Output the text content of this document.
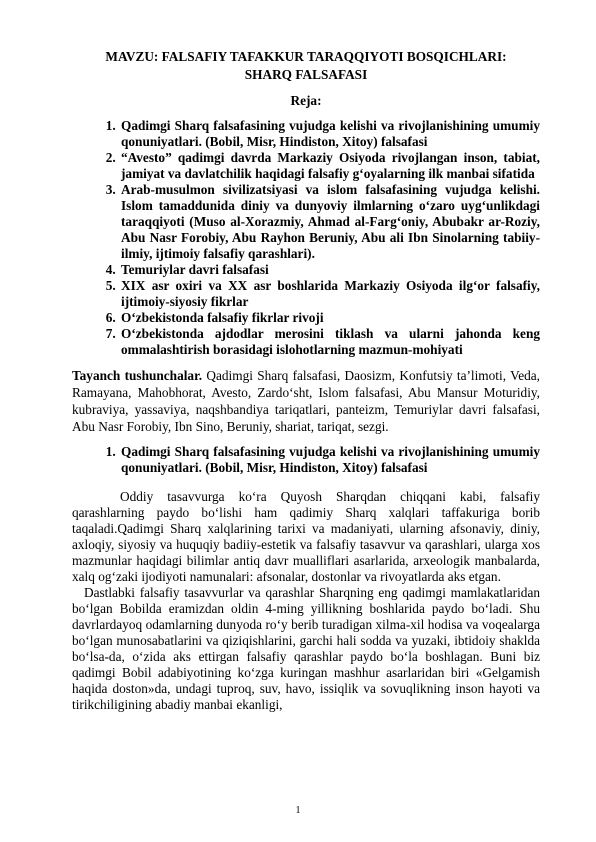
MAVZU: FALSAFIY TAFAKKUR TARAQQIYOTI BOSQICHLARI:
SHARQ FALSAFASI
Reja:
1. Qadimgi Sharq falsafasining vujudga kelishi va rivojlanishining umumiy qonuniyatlari. (Bobil, Misr, Hindiston, Xitoy) falsafasi
2. “Avesto” qadimgi davrda Markaziy Osiyoda rivojlangan inson, tabiat, jamiyat va davlatchilik haqidagi falsafiy g‘oyalarning ilk manbai sifatida
3. Arab-musulmon sivilizatsiyasi va islom falsafasining vujudga kelishi. Islom tamaddunida diniy va dunyoviy ilmlarning o‘zaro uyg‘unlikdagi taraqqiyoti (Muso al-Xorazmiy, Ahmad al-Farg‘oniy, Abubakr ar-Roziy, Abu Nasr Forobiy, Abu Rayhon Beruniy, Abu ali Ibn Sinolarning tabiiy-ilmiy, ijtimoiy falsafiy qarashlari).
4. Temuriylar davri falsafasi
5. XIX asr oxiri va XX asr boshlarida Markaziy Osiyoda ilg‘or falsafiy, ijtimoiy-siyosiy fikrlar
6. O‘zbekistonda falsafiy fikrlar rivoji
7. O‘zbekistonda ajdodlar merosini tiklash va ularni jahonda keng ommalashtirish borasidagi islohotlarning mazmun-mohiyati
Tayanch tushunchalar. Qadimgi Sharq falsafasi, Daosizm, Konfutsiy ta’limoti, Veda, Ramayana, Mahobhorat, Avesto, Zardo‘sht, Islom falsafasi, Abu Mansur Moturidiy, kubraviya, yassaviya, naqshbandiya tariqatlari, panteizm, Temuriylar davri falsafasi, Abu Nasr Forobiy, Ibn Sino, Beruniy, shariat, tariqat, sezgi.
1. Qadimgi Sharq falsafasining vujudga kelishi va rivojlanishining umumiy qonuniyatlari. (Bobil, Misr, Hindiston, Xitoy) falsafasi

Oddiy tasavvurga ko‘ra Quyosh Sharqdan chiqqani kabi, falsafiy qarashlarning paydo bo‘lishi ham qadimiy Sharq xalqlari taffakuriga borib taqaladi.Qadimgi Sharq xalqlarining tarixi va madaniyati, ularning afsonaviy, diniy, axloqiy, siyosiy va huquqiy badiiy-estetik va falsafiy tasavvur va qarashlari, ularga xos mazmunlar haqidagi bilimlar antiq davr mualliflari asarlarida, arxeologik manbalarda, xalq og‘zaki ijodiyoti namunalari: afsonalar, dostonlar va rivoyatlarda aks etgan.

Dastlabki falsafiy tasavvurlar va qarashlar Sharqning eng qadimgi mamlakatlaridan bo‘lgan Bobilda eramizdan oldin 4-ming yillikning boshlarida paydo bo‘ladi. Shu davrlardayoq odamlarning dunyoda ro‘y berib turadigan xilma-xil hodisa va voqealarga bo‘lgan munosabatlarini va qiziqishlarini, garchi hali sodda va yuzaki, ibtidoiy shaklda bo‘lsa-da, o‘zida aks ettirgan falsafiy qarashlar paydo bo‘la boshlagan. Buni biz qadimgi Bobil adabiyotining ko‘zga kuringan mashhur asarlaridan biri «Gelgamish haqida doston»da, undagi tuproq, suv, havo, issiqlik va sovuqlikning inson hayoti va tirikchiligining abadiy manbai ekanligi,

1
